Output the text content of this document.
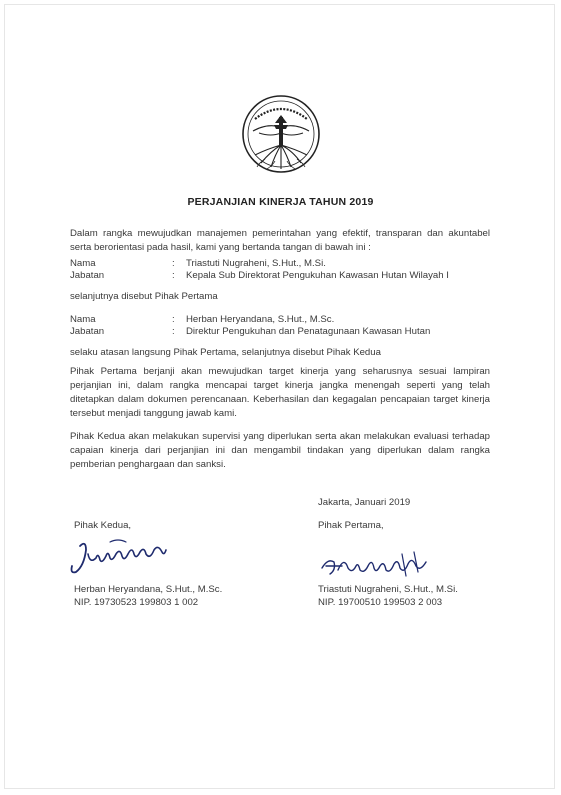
PERJANJIAN KINERJA TAHUN 2019
Dalam rangka mewujudkan manajemen pemerintahan yang efektif, transparan dan akuntabel serta berorientasi pada hasil, kami yang bertanda tangan di bawah ini :
Nama	: Triastuti Nugraheni, S.Hut., M.Si.
Jabatan	: Kepala Sub Direktorat Pengukuhan Kawasan Hutan Wilayah I
selanjutnya disebut Pihak Pertama
Nama	: Herban Heryandana, S.Hut., M.Sc.
Jabatan	: Direktur Pengukuhan dan Penatagunaan Kawasan Hutan
selaku atasan langsung Pihak Pertama, selanjutnya disebut Pihak Kedua
Pihak Pertama berjanji akan mewujudkan target kinerja yang seharusnya sesuai lampiran perjanjian ini, dalam rangka mencapai target kinerja jangka menengah seperti yang telah ditetapkan dalam dokumen perencanaan. Keberhasilan dan kegagalan pencapaian target kinerja tersebut menjadi tanggung jawab kami.
Pihak Kedua akan melakukan supervisi yang diperlukan serta akan melakukan evaluasi terhadap capaian kinerja dari perjanjian ini dan mengambil tindakan yang diperlukan dalam rangka pemberian penghargaan dan sanksi.
Jakarta, Januari 2019
Pihak Kedua,	Pihak Pertama,
Herban Heryandana, S.Hut., M.Sc.
NIP. 19730523 199803 1 002
Triastuti Nugraheni, S.Hut., M.Si.
NIP. 19700510 199503 2 003
